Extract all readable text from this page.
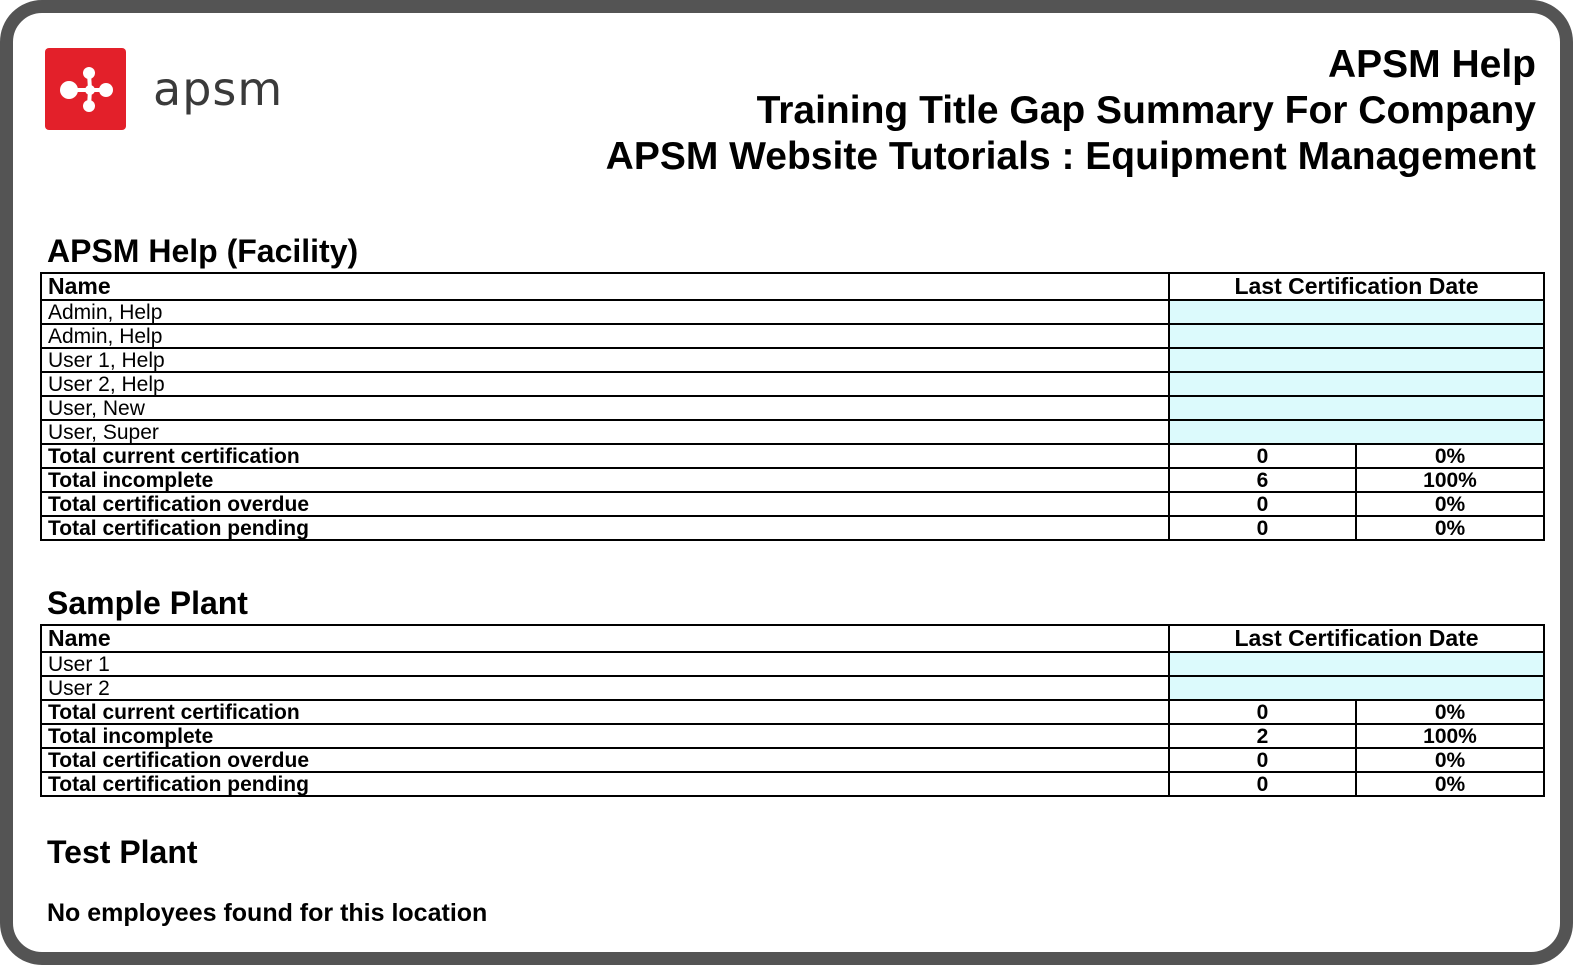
apsm	APSM Help
Training Title Gap Summary For Company
APSM Website Tutorials : Equipment Management
APSM Help (Facility)
Name	Last Certification Date	
Admin, Help		
Admin, Help		
User 1, Help		
User 2, Help		
User, New		
User, Super		
Total current certification	0	0%
Total incomplete	6	100%
Total certification overdue	0	0%
Total certification pending	0	0%
Sample Plant
Name	Last Certification Date	
User 1		
User 2		
Total current certification	0	0%
Total incomplete	2	100%
Total certification overdue	0	0%
Total certification pending	0	0%
Test Plant
No employees found for this location
